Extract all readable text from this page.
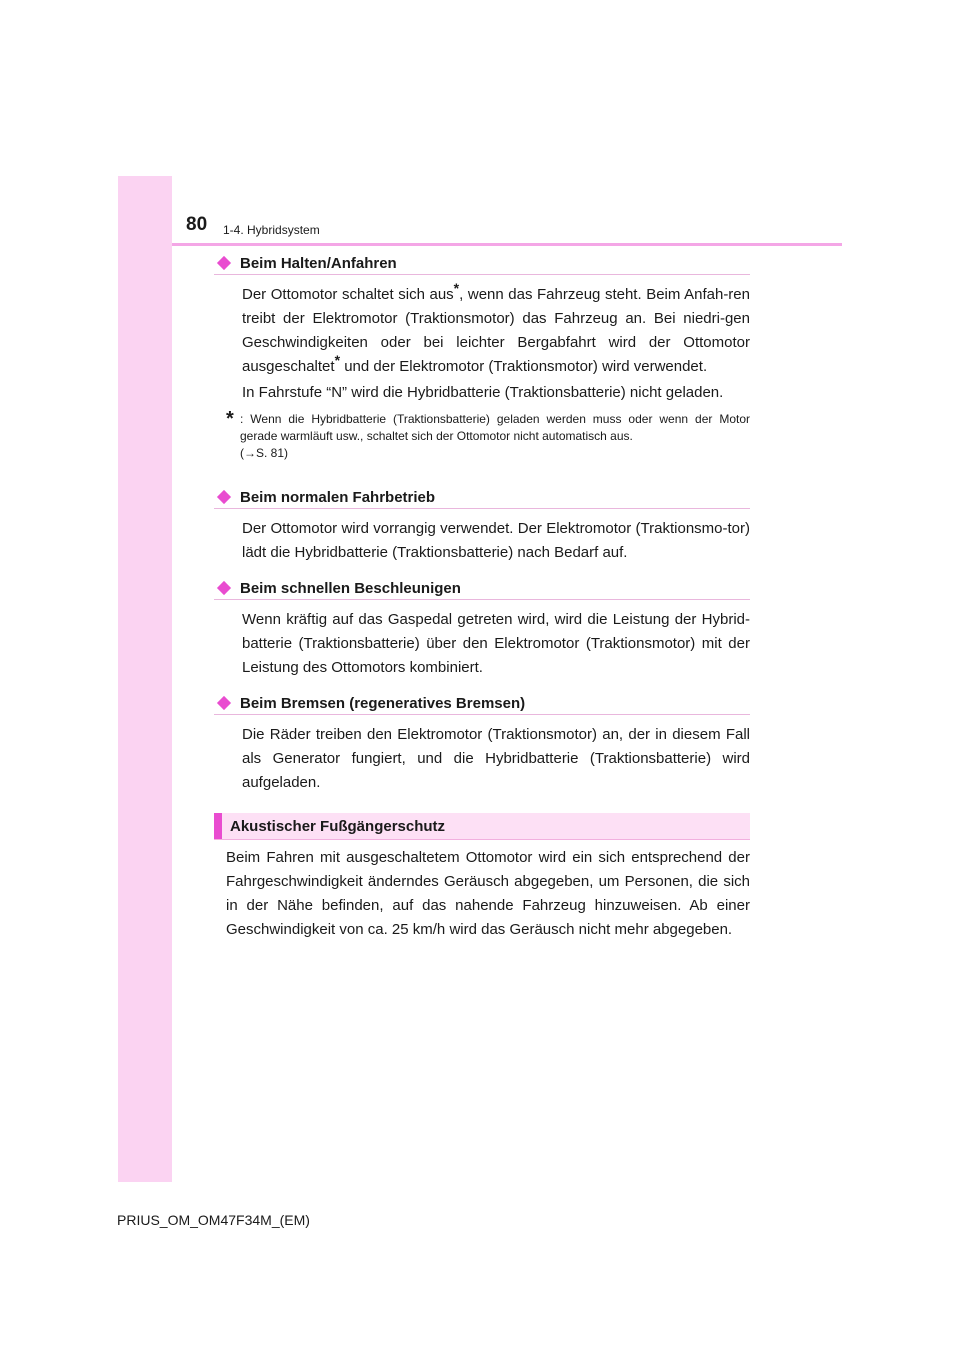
80 1-4. Hybridsystem
Beim Halten/Anfahren

Der Ottomotor schaltet sich aus*, wenn das Fahrzeug steht. Beim Anfah-ren treibt der Elektromotor (Traktionsmotor) das Fahrzeug an. Bei niedri-gen Geschwindigkeiten oder bei leichter Bergabfahrt wird der Ottomotor ausgeschaltet* und der Elektromotor (Traktionsmotor) wird verwendet.

In Fahrstufe “N” wird die Hybridbatterie (Traktionsbatterie) nicht geladen.

* : Wenn die Hybridbatterie (Traktionsbatterie) geladen werden muss oder wenn der Motor gerade warmläuft usw., schaltet sich der Ottomotor nicht automatisch aus.
(→S. 81)
Beim normalen Fahrbetrieb

Der Ottomotor wird vorrangig verwendet. Der Elektromotor (Traktionsmo-tor) lädt die Hybridbatterie (Traktionsbatterie) nach Bedarf auf.

Beim schnellen Beschleunigen

Wenn kräftig auf das Gaspedal getreten wird, wird die Leistung der Hybrid-batterie (Traktionsbatterie) über den Elektromotor (Traktionsmotor) mit der Leistung des Ottomotors kombiniert.

Beim Bremsen (regeneratives Bremsen)

Die Räder treiben den Elektromotor (Traktionsmotor) an, der in diesem Fall als Generator fungiert, und die Hybridbatterie (Traktionsbatterie) wird aufgeladen.

Akustischer Fußgängerschutz

Beim Fahren mit ausgeschaltetem Ottomotor wird ein sich entsprechend der Fahrgeschwindigkeit änderndes Geräusch abgegeben, um Personen, die sich in der Nähe befinden, auf das nahende Fahrzeug hinzuweisen. Ab einer Geschwindigkeit von ca. 25 km/h wird das Geräusch nicht mehr abgegeben.

PRIUS_OM_OM47F34M_(EM)
